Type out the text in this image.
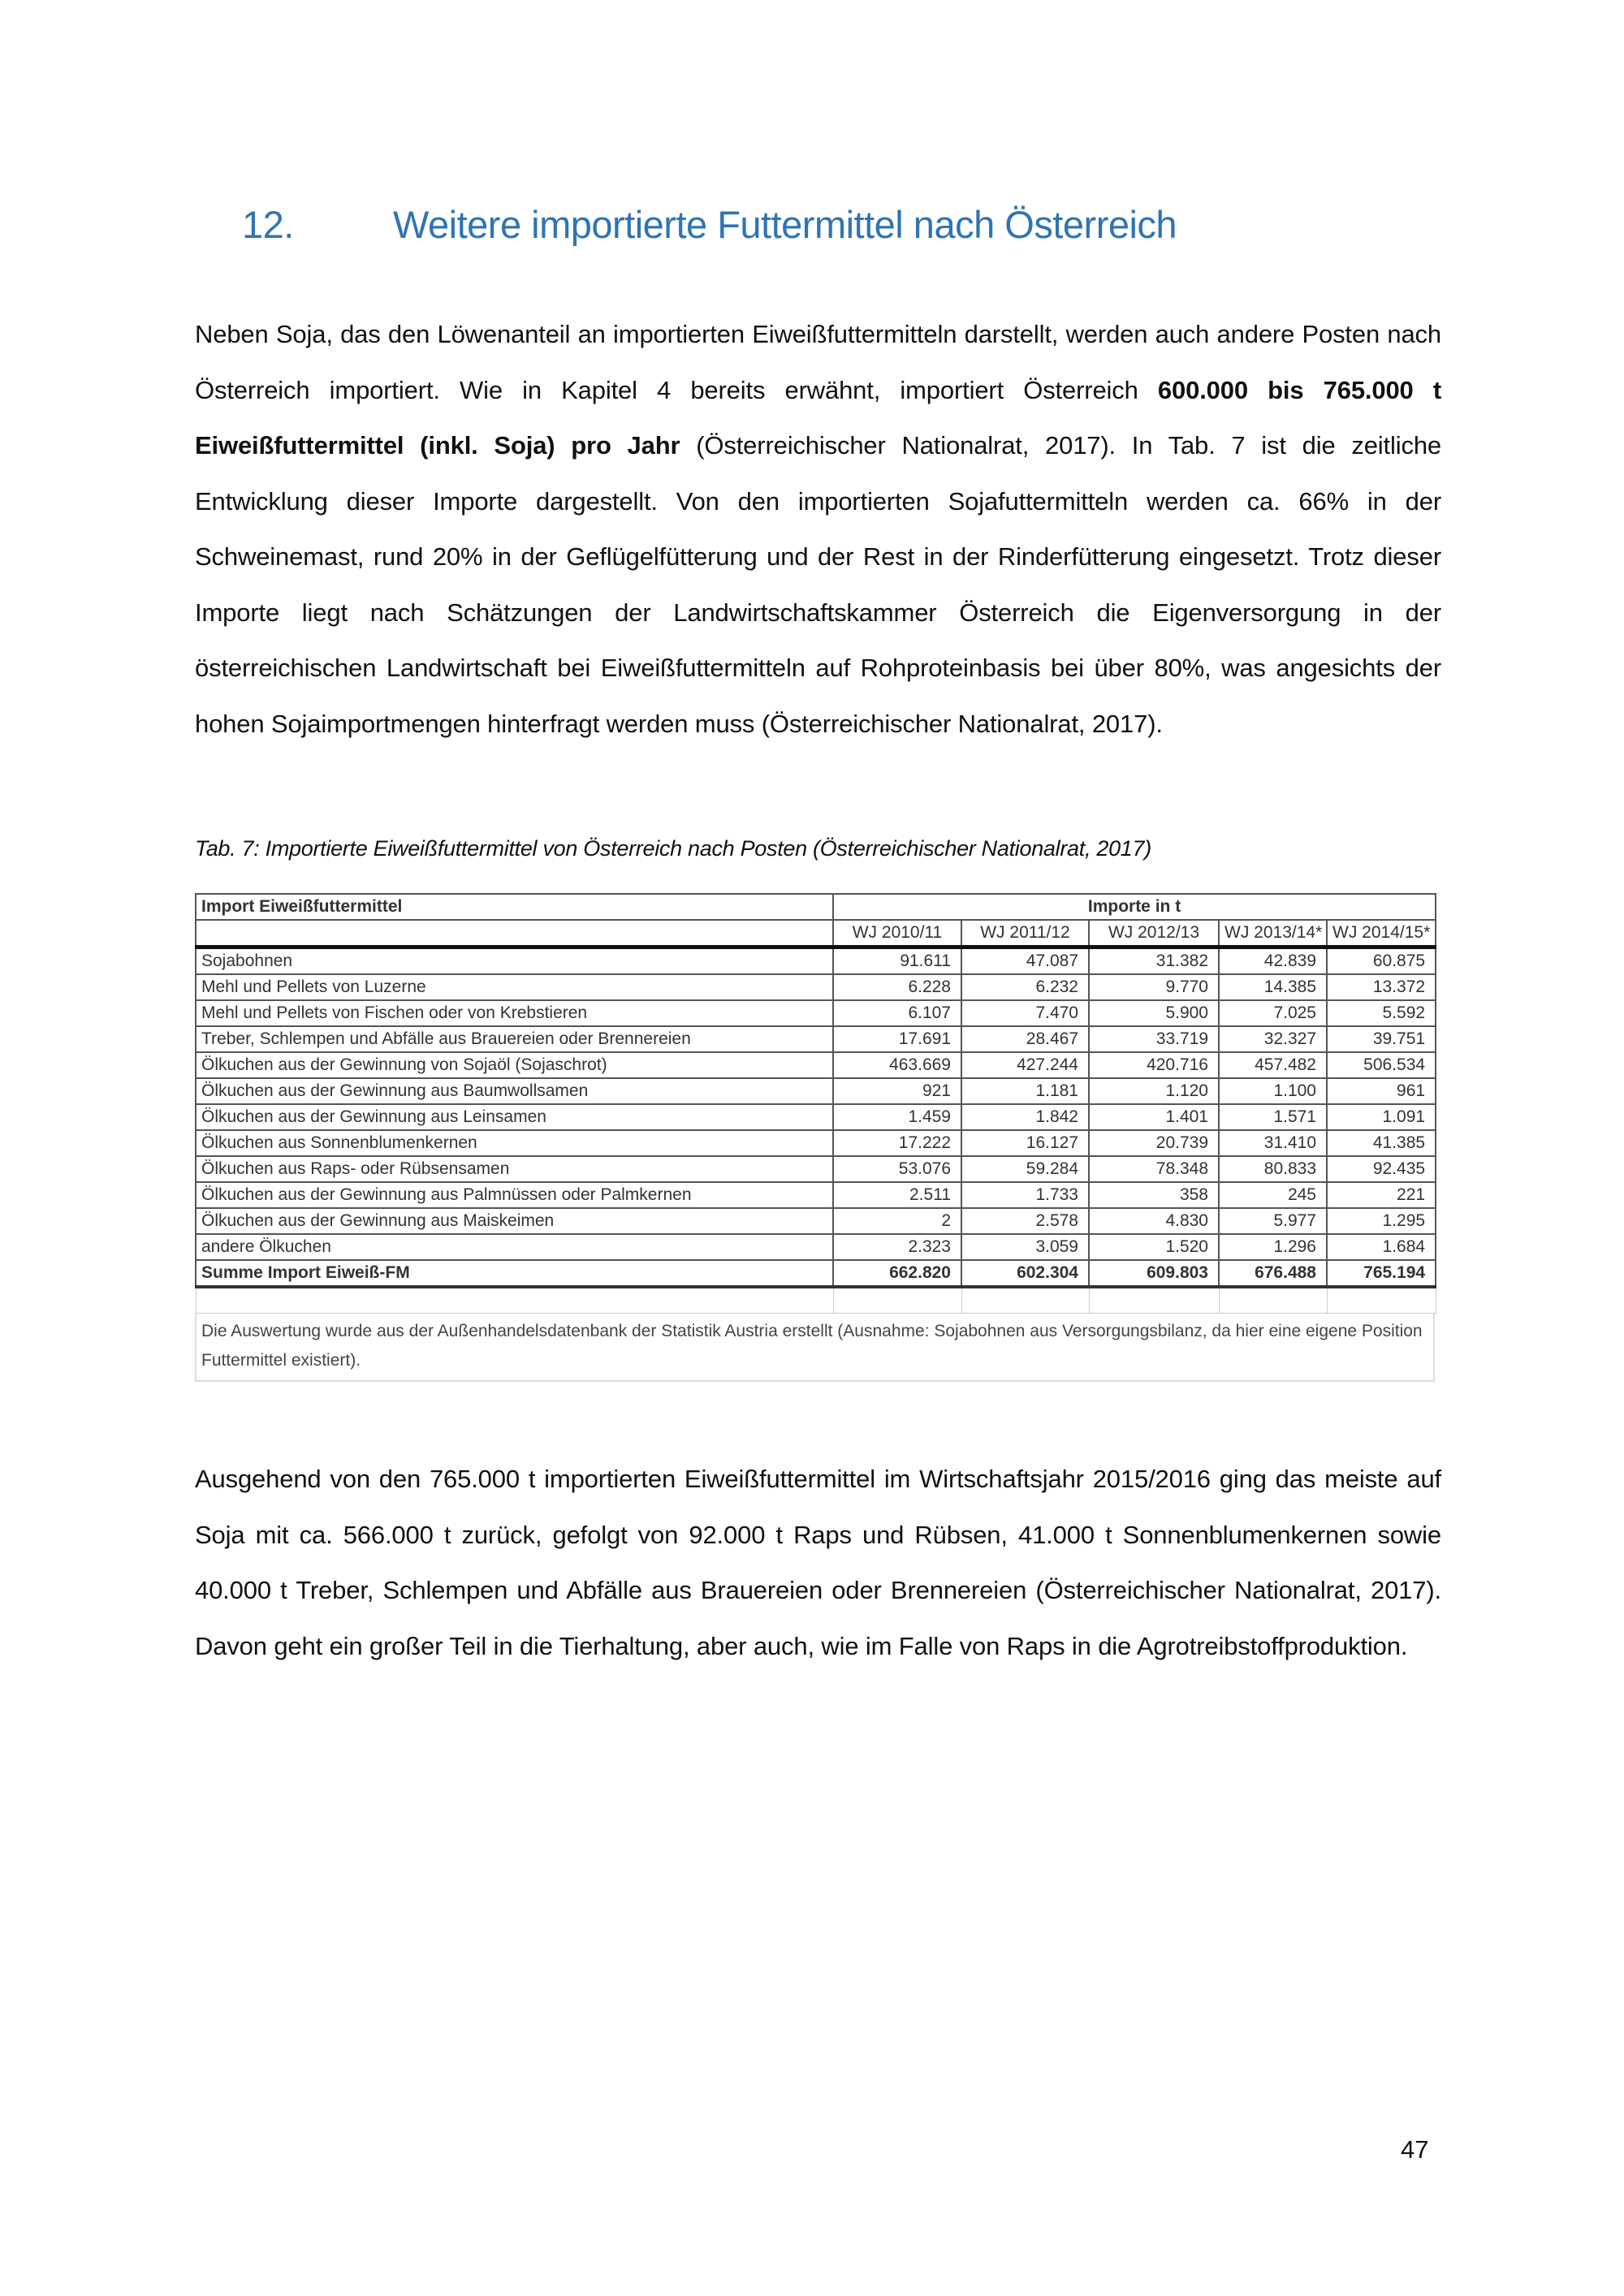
12.	Weitere importierte Futtermittel nach Österreich

Neben Soja, das den Löwenanteil an importierten Eiweißfuttermitteln darstellt, werden auch andere Posten nach Österreich importiert. Wie in Kapitel 4 bereits erwähnt, importiert Österreich 600.000 bis 765.000 t Eiweißfuttermittel (inkl. Soja) pro Jahr (Österreichischer Nationalrat, 2017). In Tab. 7 ist die zeitliche Entwicklung dieser Importe dargestellt. Von den importierten Sojafuttermitteln werden ca. 66% in der Schweinemast, rund 20% in der Geflügelfütterung und der Rest in der Rinderfütterung eingesetzt. Trotz dieser Importe liegt nach Schätzungen der Landwirtschaftskammer Österreich die Eigenversorgung in der österreichischen Landwirtschaft bei Eiweißfuttermitteln auf Rohproteinbasis bei über 80%, was angesichts der hohen Sojaimportmengen hinterfragt werden muss (Österreichischer Nationalrat, 2017).

Tab. 7: Importierte Eiweißfuttermittel von Österreich nach Posten (Österreichischer Nationalrat, 2017)
Import Eiweißfuttermittel	Importe in t				
	WJ 2010/11	WJ 2011/12	WJ 2012/13	WJ 2013/14*	WJ 2014/15*
Sojabohnen	91.611	47.087	31.382	42.839	60.875
Mehl und Pellets von Luzerne	6.228	6.232	9.770	14.385	13.372
Mehl und Pellets von Fischen oder von Krebstieren	6.107	7.470	5.900	7.025	5.592
Treber, Schlempen und Abfälle aus Brauereien oder Brennereien	17.691	28.467	33.719	32.327	39.751
Ölkuchen aus der Gewinnung von Sojaöl (Sojaschrot)	463.669	427.244	420.716	457.482	506.534
Ölkuchen aus der Gewinnung aus Baumwollsamen	921	1.181	1.120	1.100	961
Ölkuchen aus der Gewinnung aus Leinsamen	1.459	1.842	1.401	1.571	1.091
Ölkuchen aus Sonnenblumenkernen	17.222	16.127	20.739	31.410	41.385
Ölkuchen aus Raps- oder Rübsensamen	53.076	59.284	78.348	80.833	92.435
Ölkuchen aus der Gewinnung aus Palmnüssen oder Palmkernen	2.511	1.733	358	245	221
Ölkuchen aus der Gewinnung aus Maiskeimen	2	2.578	4.830	5.977	1.295
andere Ölkuchen	2.323	3.059	1.520	1.296	1.684
Summe Import Eiweiß-FM	662.820	602.304	609.803	676.488	765.194

Die Auswertung wurde aus der Außenhandelsdatenbank der Statistik Austria erstellt (Ausnahme: Sojabohnen aus Versorgungsbilanz, da hier eine eigene Position Futtermittel existiert).

Ausgehend von den 765.000 t importierten Eiweißfuttermittel im Wirtschaftsjahr 2015/2016 ging das meiste auf Soja mit ca. 566.000 t zurück, gefolgt von 92.000 t Raps und Rübsen, 41.000 t Sonnenblumenkernen sowie 40.000 t Treber, Schlempen und Abfälle aus Brauereien oder Brennereien (Österreichischer Nationalrat, 2017). Davon geht ein großer Teil in die Tierhaltung, aber auch, wie im Falle von Raps in die Agrotreibstoffproduktion.

47
